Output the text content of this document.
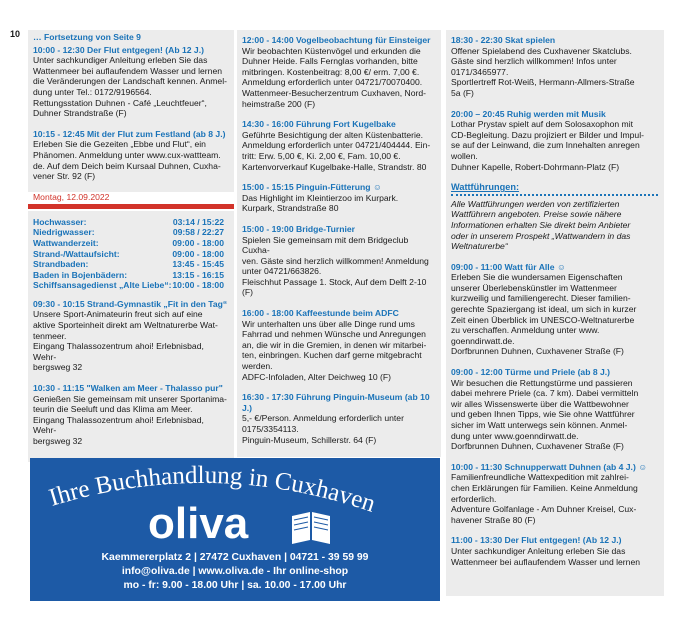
10 … Fortsetzung von Seite 9
10:00 - 12:30 Der Flut entgegen! (Ab 12 J.)
Unter sachkundiger Anleitung erleben Sie das
Wattenmeer bei auflaufendem Wasser und lernen
die Veränderungen der Landschaft kennen. Anmel-
dung unter Tel.: 0172/9196564.
Rettungsstation Duhnen - Café „Leuchtfeuer“,
Duhner Strandstraße (F)
10:15 - 12:45 Mit der Flut zum Festland (ab 8 J.)
Erleben Sie die Gezeiten „Ebbe und Flut“, ein
Phänomen. Anmeldung unter www.cux-wattteam.
de. Auf dem Deich beim Kursaal Duhnen, Cuxha-
vener Str. 92 (F)
Montag, 12.09.2022
Hochwasser:	03:14 / 15:22
Niedrigwasser:	09:58 / 22:27
Wattwanderzeit:	09:00 - 18:00
Strand-/Wattaufsicht:	09:00 - 18:00
Strandbaden:	13:45 - 15:45
Baden in Bojenbädern:	13:15 - 16:15
Schiffsansagedienst „Alte Liebe“: 10:00 - 18:00
09:30 - 10:15 Strand-Gymnastik „Fit in den Tag“
Unsere Sport-Animateurin freut sich auf eine
aktive Sporteinheit direkt am Weltnaturerbe Wat-
tenmeer.
Eingang Thalassozentrum ahoi! Erlebnisbad, Wehr-
bergsweg 32
10:30 - 11:15 "Walken am Meer - Thalasso pur"
Genießen Sie gemeinsam mit unserer Sportanima-
teurin die Seeluft und das Klima am Meer.
Eingang Thalassozentrum ahoi! Erlebnisbad, Wehr-
bergsweg 32
12:00 - 14:00 Vogelbeobachtung für Einsteiger
Wir beobachten Küstenvögel und erkunden die
Duhner Heide. Falls Fernglas vorhanden, bitte
mitbringen. Kostenbeitrag: 8,00 €/ erm. 7,00 €.
Anmeldung erforderlich unter 04721/70070400.
Wattenmeer-Besucherzentrum Cuxhaven, Nord-
heimstraße 200 (F)
14:30 - 16:00 Führung Fort Kugelbake
Geführte Besichtigung der alten Küstenbatterie.
Anmeldung erforderlich unter 04721/404444. Ein-
tritt: Erw. 5,00 €, Ki. 2,00 €, Fam. 10,00 €.
Kartenvorverkauf Kugelbake-Halle, Strandstr. 80
15:00 - 15:15 Pinguin-Fütterung ☺
Das Highlight im Kleintierzoo im Kurpark.
Kurpark, Strandstraße 80
15:00 - 19:00 Bridge-Turnier
Spielen Sie gemeinsam mit dem Bridgeclub Cuxha-
ven. Gäste sind herzlich willkommen! Anmeldung
unter 04721/663826.
Fleischhut Passage 1. Stock, Auf dem Delft 2-10 (F)
16:00 - 18:00 Kaffeestunde beim ADFC
Wir unterhalten uns über alle Dinge rund ums
Fahrrad und nehmen Wünsche und Anregungen
an, die wir in die Gremien, in denen wir mitarbei-
ten, einbringen. Kuchen darf gerne mitgebracht
werden.
ADFC-Infoladen, Alter Deichweg 10 (F)
16:30 - 17:30 Führung Pinguin-Museum (ab 10 J.)
5,- €/Person. Anmeldung erforderlich unter
0175/3354113.
Pinguin-Museum, Schillerstr. 64 (F)
18:30 - 22:30 Skat spielen
Offener Spielabend des Cuxhavener Skatclubs.
Gäste sind herzlich willkommen! Infos unter
0171/3465977.
Sportlertreff Rot-Weiß, Hermann-Allmers-Straße
5a (F)
20:00 – 20:45 Ruhig werden mit Musik
Lothar Prystav spielt auf dem Solosaxophon mit
CD-Begleitung. Dazu projiziert er Bilder und Impul-
se auf der Leinwand, die zum Innehalten anregen
wollen.
Duhner Kapelle, Robert-Dohrmann-Platz (F)
Wattführungen:
Alle Wattführungen werden von zertifizierten
Wattführern angeboten. Preise sowie nähere
Informationen erhalten Sie direkt beim Anbieter
oder in unserem Prospekt „Wattwandern in das
Weltnaturerbe“
09:00 - 11:00 Watt für Alle ☺
Erleben Sie die wundersamen Eigenschaften
unserer Überlebenskünstler im Wattenmeer
kurzweilig und familiengerecht. Dieser familien-
gerechte Spaziergang ist ideal, um sich in kurzer
Zeit einen Überblick im UNESCO-Weltnaturerbe
zu verschaffen. Anmeldung unter www.
goenndirwatt.de.
Dorfbrunnen Duhnen, Cuxhavener Straße (F)
09:00 - 12:00 Türme und Priele (ab 8 J.)
Wir besuchen die Rettungstürme und passieren
dabei mehrere Priele (ca. 7 km). Dabei vermitteln
wir alles Wissenswerte über die Wattbewohner
und geben Ihnen Tipps, wie Sie ohne Wattführer
sicher im Watt unterwegs sein können. Anmel-
dung unter www.goenndirwatt.de.
Dorfbrunnen Duhnen, Cuxhavener Straße (F)
10:00 - 11:30 Schnupperwatt Duhnen (ab 4 J.) ☺
Familienfreundliche Wattexpedition mit zahlrei-
chen Erklärungen für Familien. Keine Anmeldung
erforderlich.
Adventure Golfanlage - Am Duhner Kreisel, Cux-
havener Straße 80 (F)
11:00 - 13:30 Der Flut entgegen! (Ab 12 J.)
Unter sachkundiger Anleitung erleben Sie das
Wattenmeer bei auflaufendem Wasser und lernen
Ihre Buchhandlung in Cuxhaven
oliva
Kaemmererplatz 2 | 27472 Cuxhaven | 04721 - 39 59 99
info@oliva.de | www.oliva.de - Ihr online-shop
mo - fr: 9.00 - 18.00 Uhr | sa. 10.00 - 17.00 Uhr
